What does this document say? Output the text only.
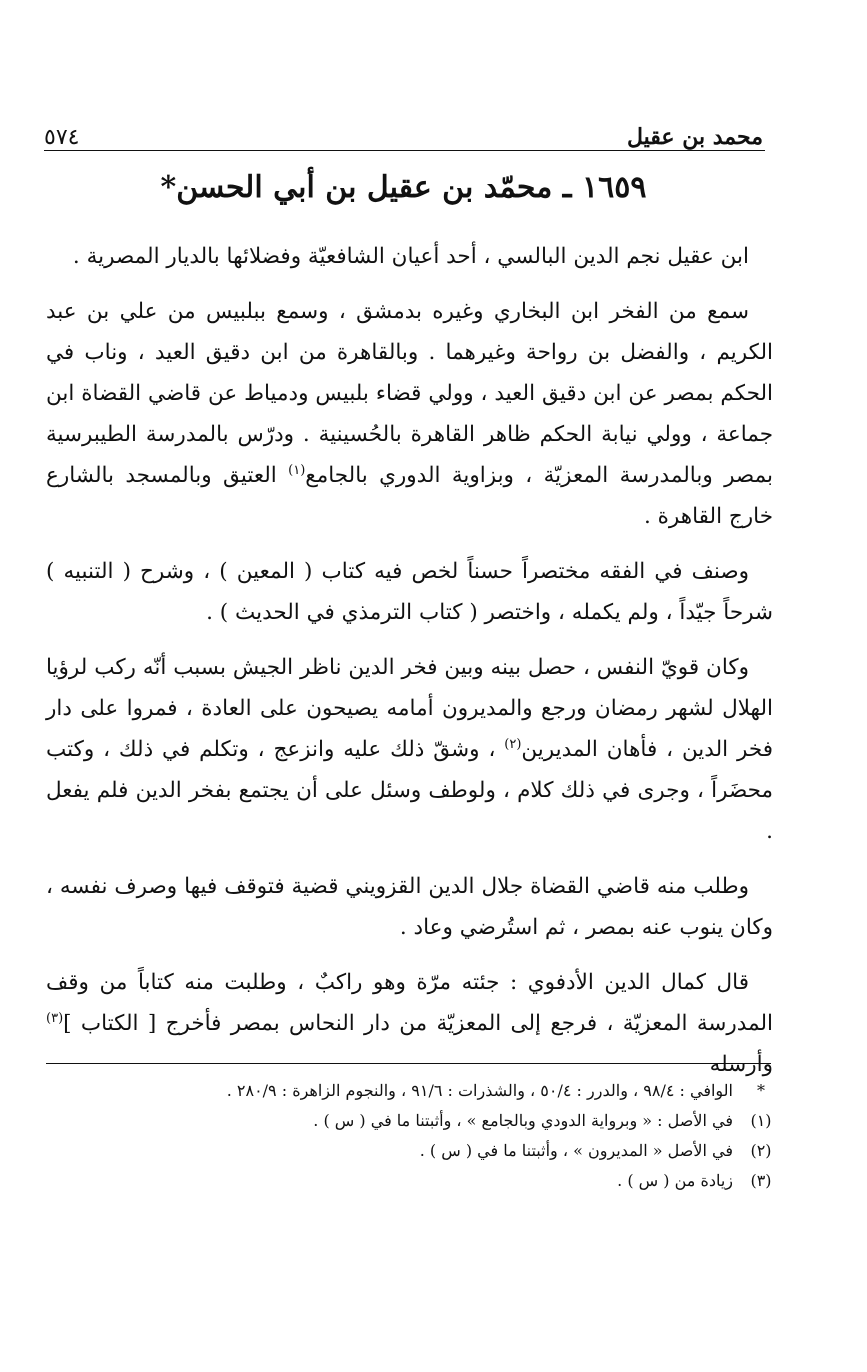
محمد بن عقيل
٥٧٤
١٦٥٩ ـ محمّد بن عقيل بن أبي الحسن*

ابن عقيل نجم الدين البالسي ، أحد أعيان الشافعيّة وفضلائها بالديار المصرية .

سمع من الفخر ابن البخاري وغيره بدمشق ، وسمع ببلبيس من علي بن عبد الكريم ، والفضل بن رواحة وغيرهما . وبالقاهرة من ابن دقيق العيد ، وناب في الحكم بمصر عن ابن دقيق العيد ، وولي قضاء بلبيس ودمياط عن قاضي القضاة ابن جماعة ، وولي نيابة الحكم ظاهر القاهرة بالحُسينية . ودرّس بالمدرسة الطيبرسية بمصر وبالمدرسة المعزيّة ، وبزاوية الدوري بالجامع$^{(١)}$ العتيق وبالمسجد بالشارع خارج القاهرة .

وصنف في الفقه مختصراً حسناً لخص فيه كتاب ( المعين ) ، وشرح ( التنبيه ) شرحاً جيّداً ، ولم يكمله ، واختصر ( كتاب الترمذي في الحديث ) .

وكان قويّ النفس ، حصل بينه وبين فخر الدين ناظر الجيش بسبب أنّه ركب لرؤيا الهلال لشهر رمضان ورجع والمديرون أمامه يصيحون على العادة ، فمروا على دار فخر الدين ، فأهان المديرين$^{(٢)}$ ، وشقّ ذلك عليه وانزعج ، وتكلم في ذلك ، وكتب محضَراً ، وجرى في ذلك كلام ، ولوطف وسئل على أن يجتمع بفخر الدين فلم يفعل .

وطلب منه قاضي القضاة جلال الدين القزويني قضية فتوقف فيها وصرف نفسه ، وكان ينوب عنه بمصر ، ثم استُرضي وعاد .

قال كمال الدين الأدفوي : جئته مرّة وهو راكبٌ ، وطلبت منه كتاباً من وقف المدرسة المعزيّة ، فرجع إلى المعزيّة من دار النحاس بمصر فأخرج [ الكتاب ]$^{(٣)}$ وأرسله

*
الوافي : ٩٨/٤ ، والدرر : ٥٠/٤ ، والشذرات : ٩١/٦ ، والنجوم الزاهرة : ٢٨٠/٩ .
(١)
في الأصل : « وبرواية الدودي وبالجامع » ، وأثبتنا ما في ( س ) .
(٢)
في الأصل « المديرون » ، وأثبتنا ما في ( س ) .
(٣)
زيادة من ( س ) .
